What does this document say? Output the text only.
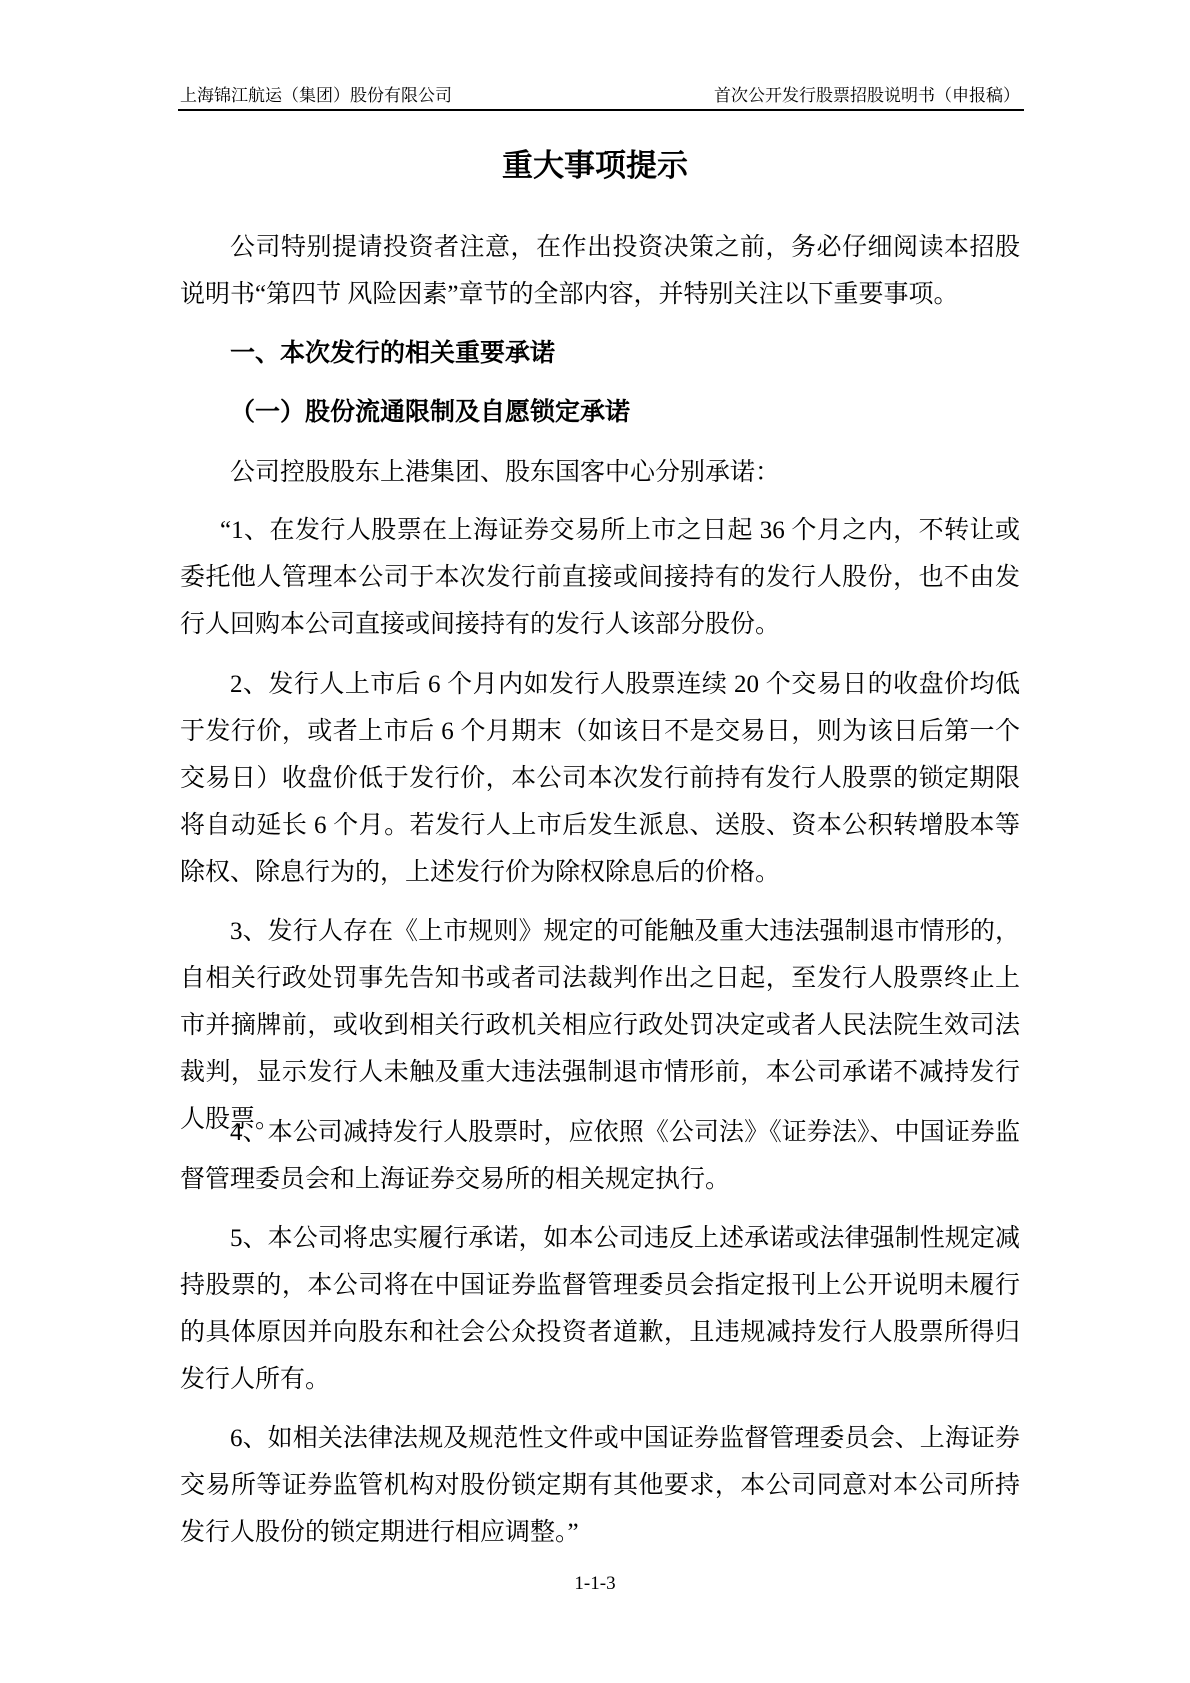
上海锦江航运（集团）股份有限公司	首次公开发行股票招股说明书（申报稿）
重大事项提示
公司特别提请投资者注意，在作出投资决策之前，务必仔细阅读本招股说明书“第四节 风险因素”章节的全部内容，并特别关注以下重要事项。
一、本次发行的相关重要承诺
（一）股份流通限制及自愿锁定承诺
公司控股股东上港集团、股东国客中心分别承诺：
“1、在发行人股票在上海证券交易所上市之日起 36 个月之内，不转让或委托他人管理本公司于本次发行前直接或间接持有的发行人股份，也不由发行人回购本公司直接或间接持有的发行人该部分股份。
2、发行人上市后 6 个月内如发行人股票连续 20 个交易日的收盘价均低于发行价，或者上市后 6 个月期末（如该日不是交易日，则为该日后第一个交易日）收盘价低于发行价，本公司本次发行前持有发行人股票的锁定期限将自动延长 6 个月。若发行人上市后发生派息、送股、资本公积转增股本等除权、除息行为的，上述发行价为除权除息后的价格。
3、发行人存在《上市规则》规定的可能触及重大违法强制退市情形的，自相关行政处罚事先告知书或者司法裁判作出之日起，至发行人股票终止上市并摘牌前，或收到相关行政机关相应行政处罚决定或者人民法院生效司法裁判，显示发行人未触及重大违法强制退市情形前，本公司承诺不减持发行人股票。
4、本公司减持发行人股票时，应依照《公司法》《证券法》、中国证券监督管理委员会和上海证券交易所的相关规定执行。
5、本公司将忠实履行承诺，如本公司违反上述承诺或法律强制性规定减持股票的，本公司将在中国证券监督管理委员会指定报刊上公开说明未履行的具体原因并向股东和社会公众投资者道歉，且违规减持发行人股票所得归发行人所有。
6、如相关法律法规及规范性文件或中国证券监督管理委员会、上海证券交易所等证券监管机构对股份锁定期有其他要求，本公司同意对本公司所持发行人股份的锁定期进行相应调整。”
1-1-3
